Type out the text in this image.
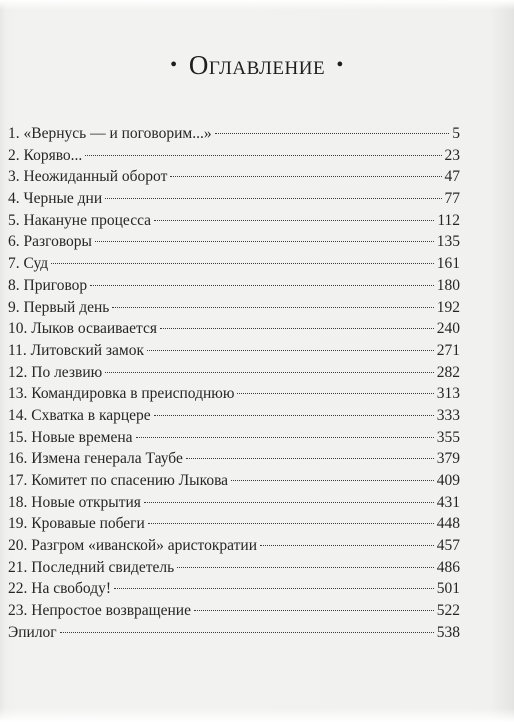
• Оглавление •
1. «Вернусь — и поговорим...»	5
2. Коряво...	23
3. Неожиданный оборот	47
4. Черные дни	77
5. Накануне процесса	112
6. Разговоры	135
7. Суд	161
8. Приговор	180
9. Первый день	192
10. Лыков осваивается	240
11. Литовский замок	271
12. По лезвию	282
13. Командировка в преисподнюю	313
14. Схватка в карцере	333
15. Новые времена	355
16. Измена генерала Таубе	379
17. Комитет по спасению Лыкова	409
18. Новые открытия	431
19. Кровавые побеги	448
20. Разгром «иванской» аристократии	457
21. Последний свидетель	486
22. На свободу!	501
23. Непростое возвращение	522
Эпилог	538
